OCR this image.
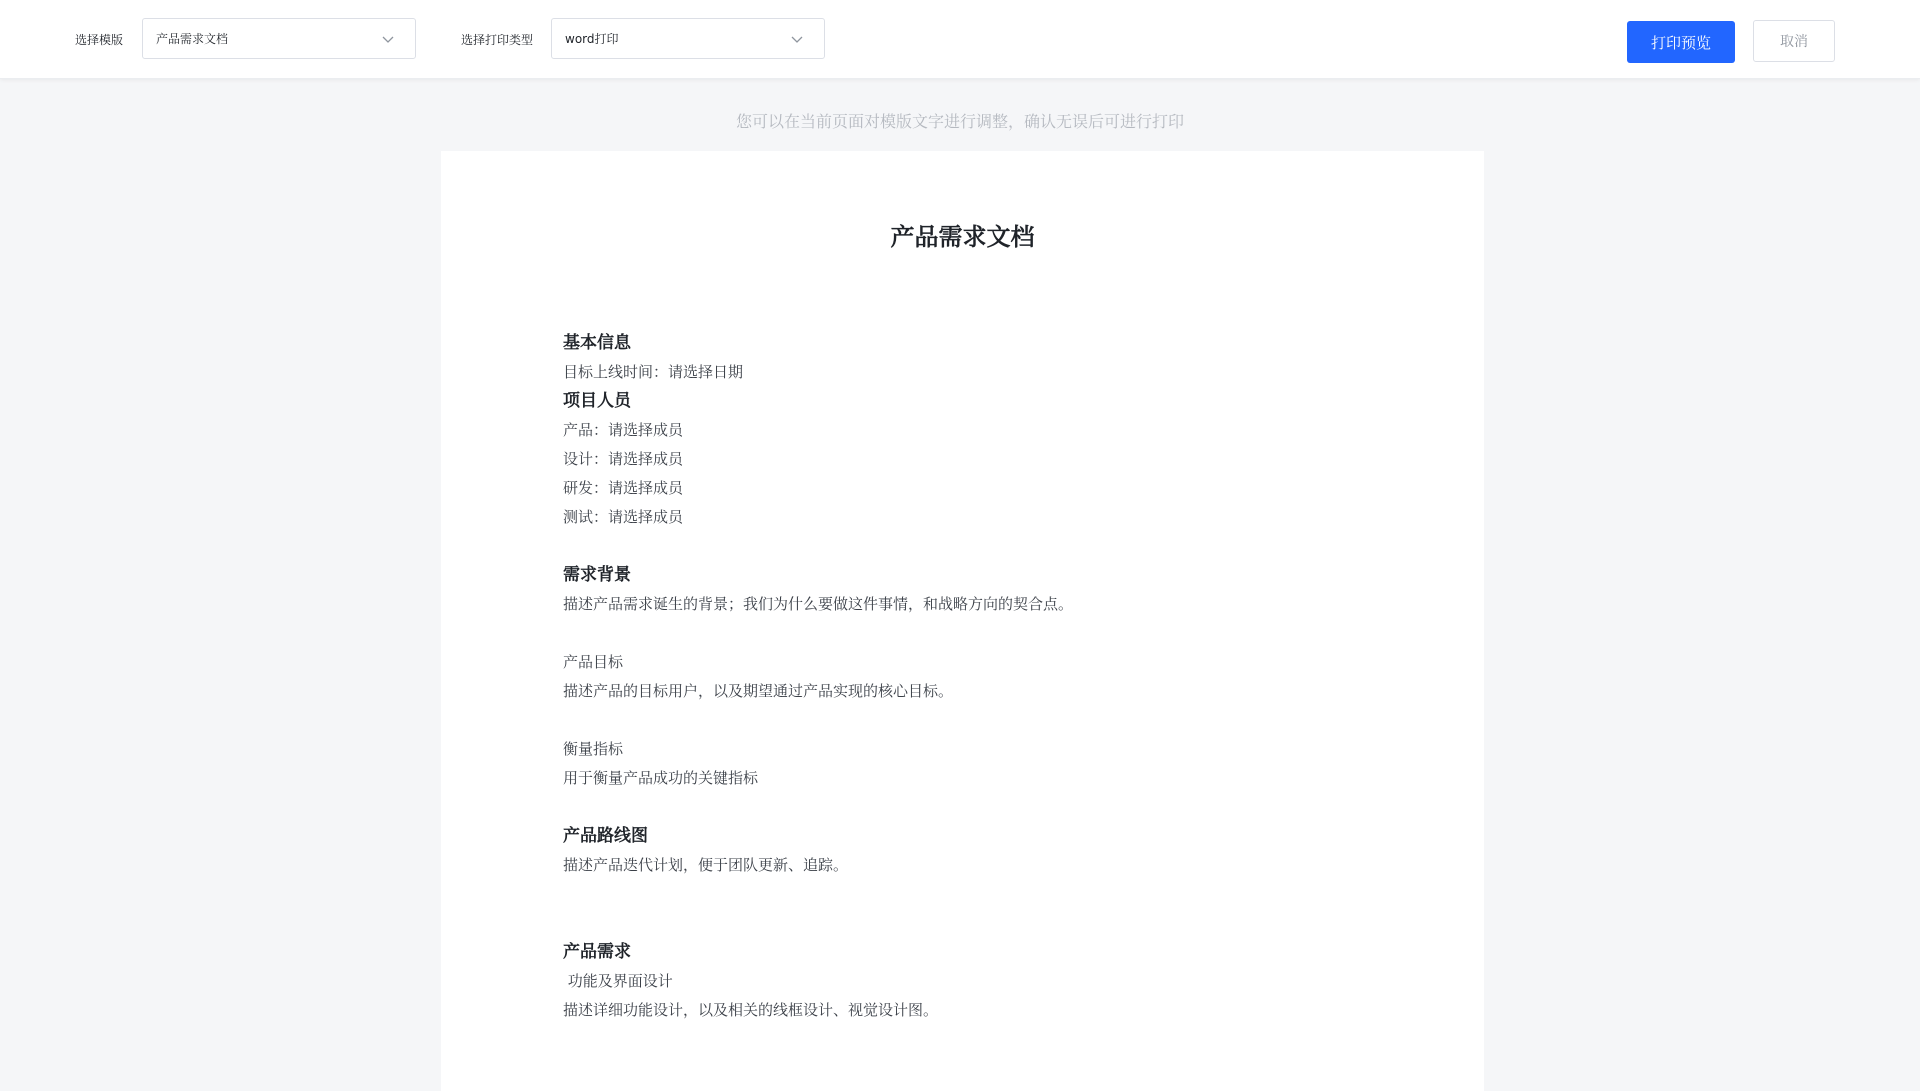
选择模版	产品需求文档	选择打印类型	word打印	打印预览	取消
您可以在当前页面对模版文字进行调整，确认无误后可进行打印
产品需求文档
基本信息
目标上线时间：请选择日期
项目人员
产品：请选择成员
设计：请选择成员
研发：请选择成员
测试：请选择成员
需求背景
描述产品需求诞生的背景；我们为什么要做这件事情，和战略方向的契合点。
产品目标
描述产品的目标用户，以及期望通过产品实现的核心目标。
衡量指标
用于衡量产品成功的关键指标
产品路线图
描述产品迭代计划，便于团队更新、追踪。
产品需求
功能及界面设计
描述详细功能设计，以及相关的线框设计、视觉设计图。
